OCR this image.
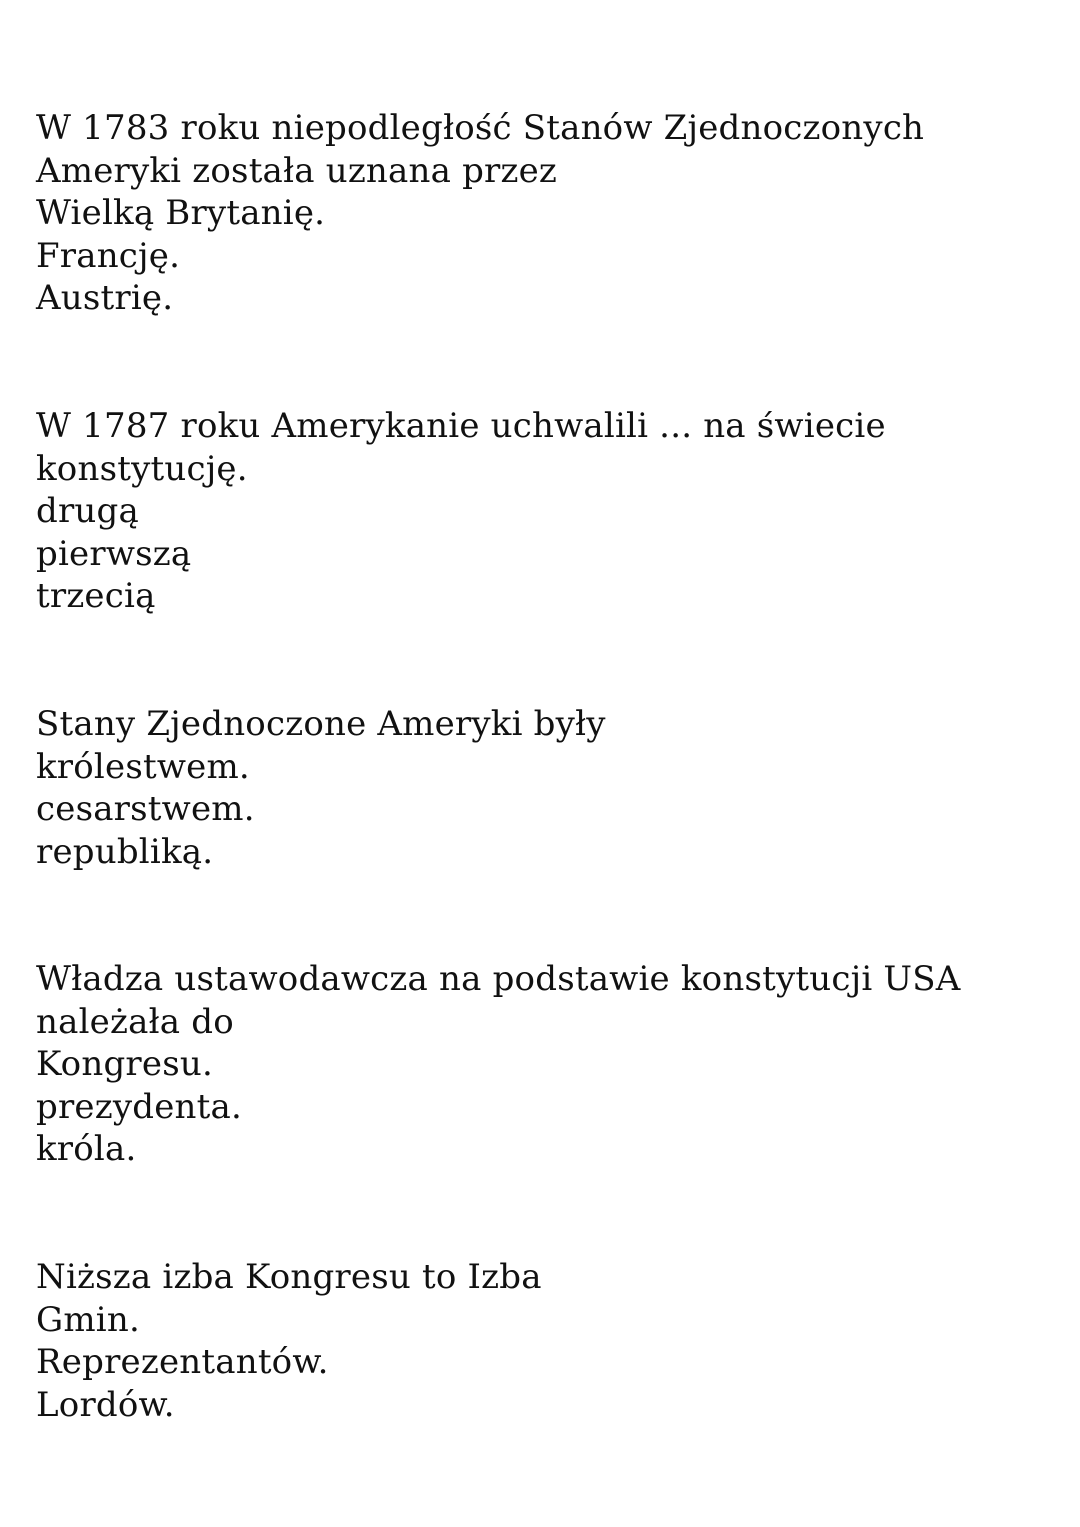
W 1783 roku niepodległość Stanów Zjednoczonych

Ameryki została uznana przez

Wielką Brytanię.

Francję.

Austrię.

W 1787 roku Amerykanie uchwalili ... na świecie

konstytucję.

drugą

pierwszą

trzecią

Stany Zjednoczone Ameryki były

królestwem.

cesarstwem.

republiką.

Władza ustawodawcza na podstawie konstytucji USA

należała do

Kongresu.

prezydenta.

króla.

Niższa izba Kongresu to Izba

Gmin.

Reprezentantów.

Lordów.
